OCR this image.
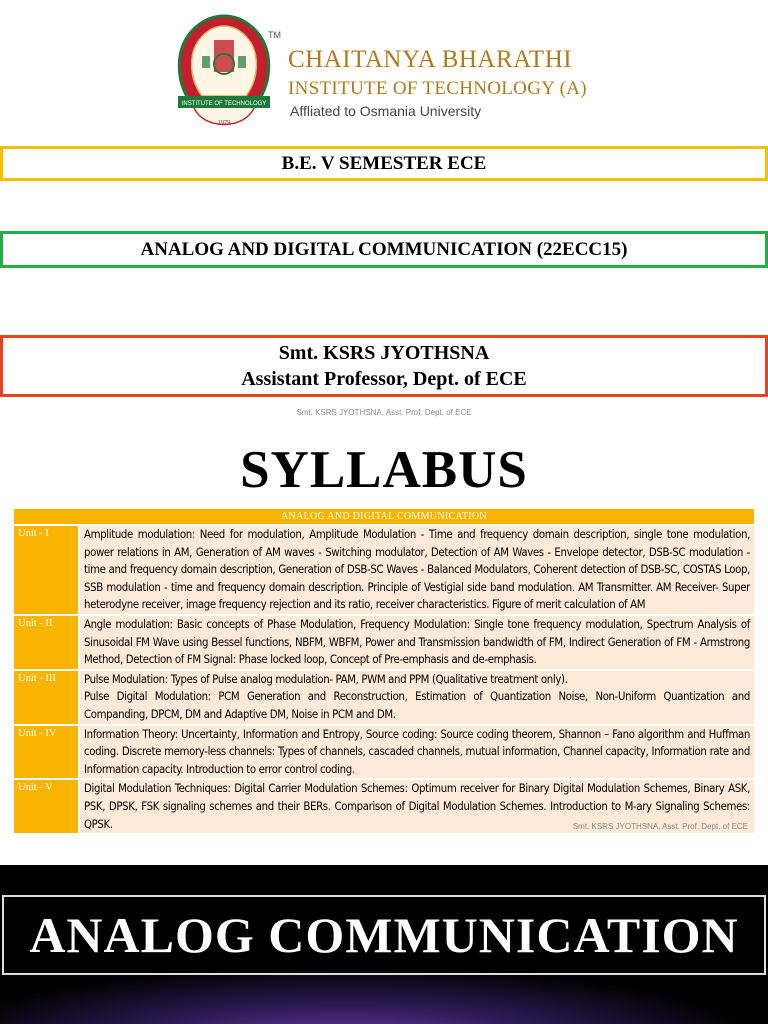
INSTITUTE OF TECHNOLOGY
1979
TM
CHAITANYA BHARATHI
INSTITUTE OF TECHNOLOGY (A)
Affliated to Osmania University
B.E. V SEMESTER ECE
ANALOG AND DIGITAL COMMUNICATION (22ECC15)
Smt. KSRS JYOTHSNA
Assistant Professor, Dept. of ECE
Smt. KSRS JYOTHSNA, Asst. Prof. Dept. of ECE
SYLLABUS
ANALOG AND DIGITAL COMMUNICATION
Unit - I	Amplitude modulation: Need for modulation, Amplitude Modulation - Time and frequency domain description, single tone modulation, power relations in AM, Generation of AM waves - Switching modulator, Detection of AM Waves - Envelope detector, DSB-SC modulation - time and frequency domain description, Generation of DSB-SC Waves - Balanced Modulators, Coherent detection of DSB-SC, COSTAS Loop, SSB modulation - time and frequency domain description. Principle of Vestigial side band modulation. AM Transmitter. AM Receiver- Super heterodyne receiver, image frequency rejection and its ratio, receiver characteristics. Figure of merit calculation of AM

Unit - II	Angle modulation: Basic concepts of Phase Modulation, Frequency Modulation: Single tone frequency modulation, Spectrum Analysis of Sinusoidal FM Wave using Bessel functions, NBFM, WBFM, Power and Transmission bandwidth of FM, Indirect Generation of FM - Armstrong Method, Detection of FM Signal: Phase locked loop, Concept of Pre-emphasis and de-emphasis.

Unit - III	Pulse Modulation: Types of Pulse analog modulation- PAM, PWM and PPM (Qualitative treatment only).

Pulse Digital Modulation: PCM Generation and Reconstruction, Estimation of Quantization Noise, Non-Uniform Quantization and Companding, DPCM, DM and Adaptive DM, Noise in PCM and DM.

Unit - IV	Information Theory: Uncertainty, Information and Entropy, Source coding: Source coding theorem, Shannon – Fano algorithm and Huffman coding. Discrete memory-less channels: Types of channels, cascaded channels, mutual information, Channel capacity, Information rate and Information capacity. Introduction to error control coding.

Unit - V	Digital Modulation Techniques: Digital Carrier Modulation Schemes: Optimum receiver for Binary Digital Modulation Schemes, Binary ASK, PSK, DPSK, FSK signaling schemes and their BERs. Comparison of Digital Modulation Schemes. Introduction to M-ary Signaling Schemes: QPSK.	Smt. KSRS JYOTHSNA, Asst. Prof. Dept. of ECE
ANALOG COMMUNICATION
